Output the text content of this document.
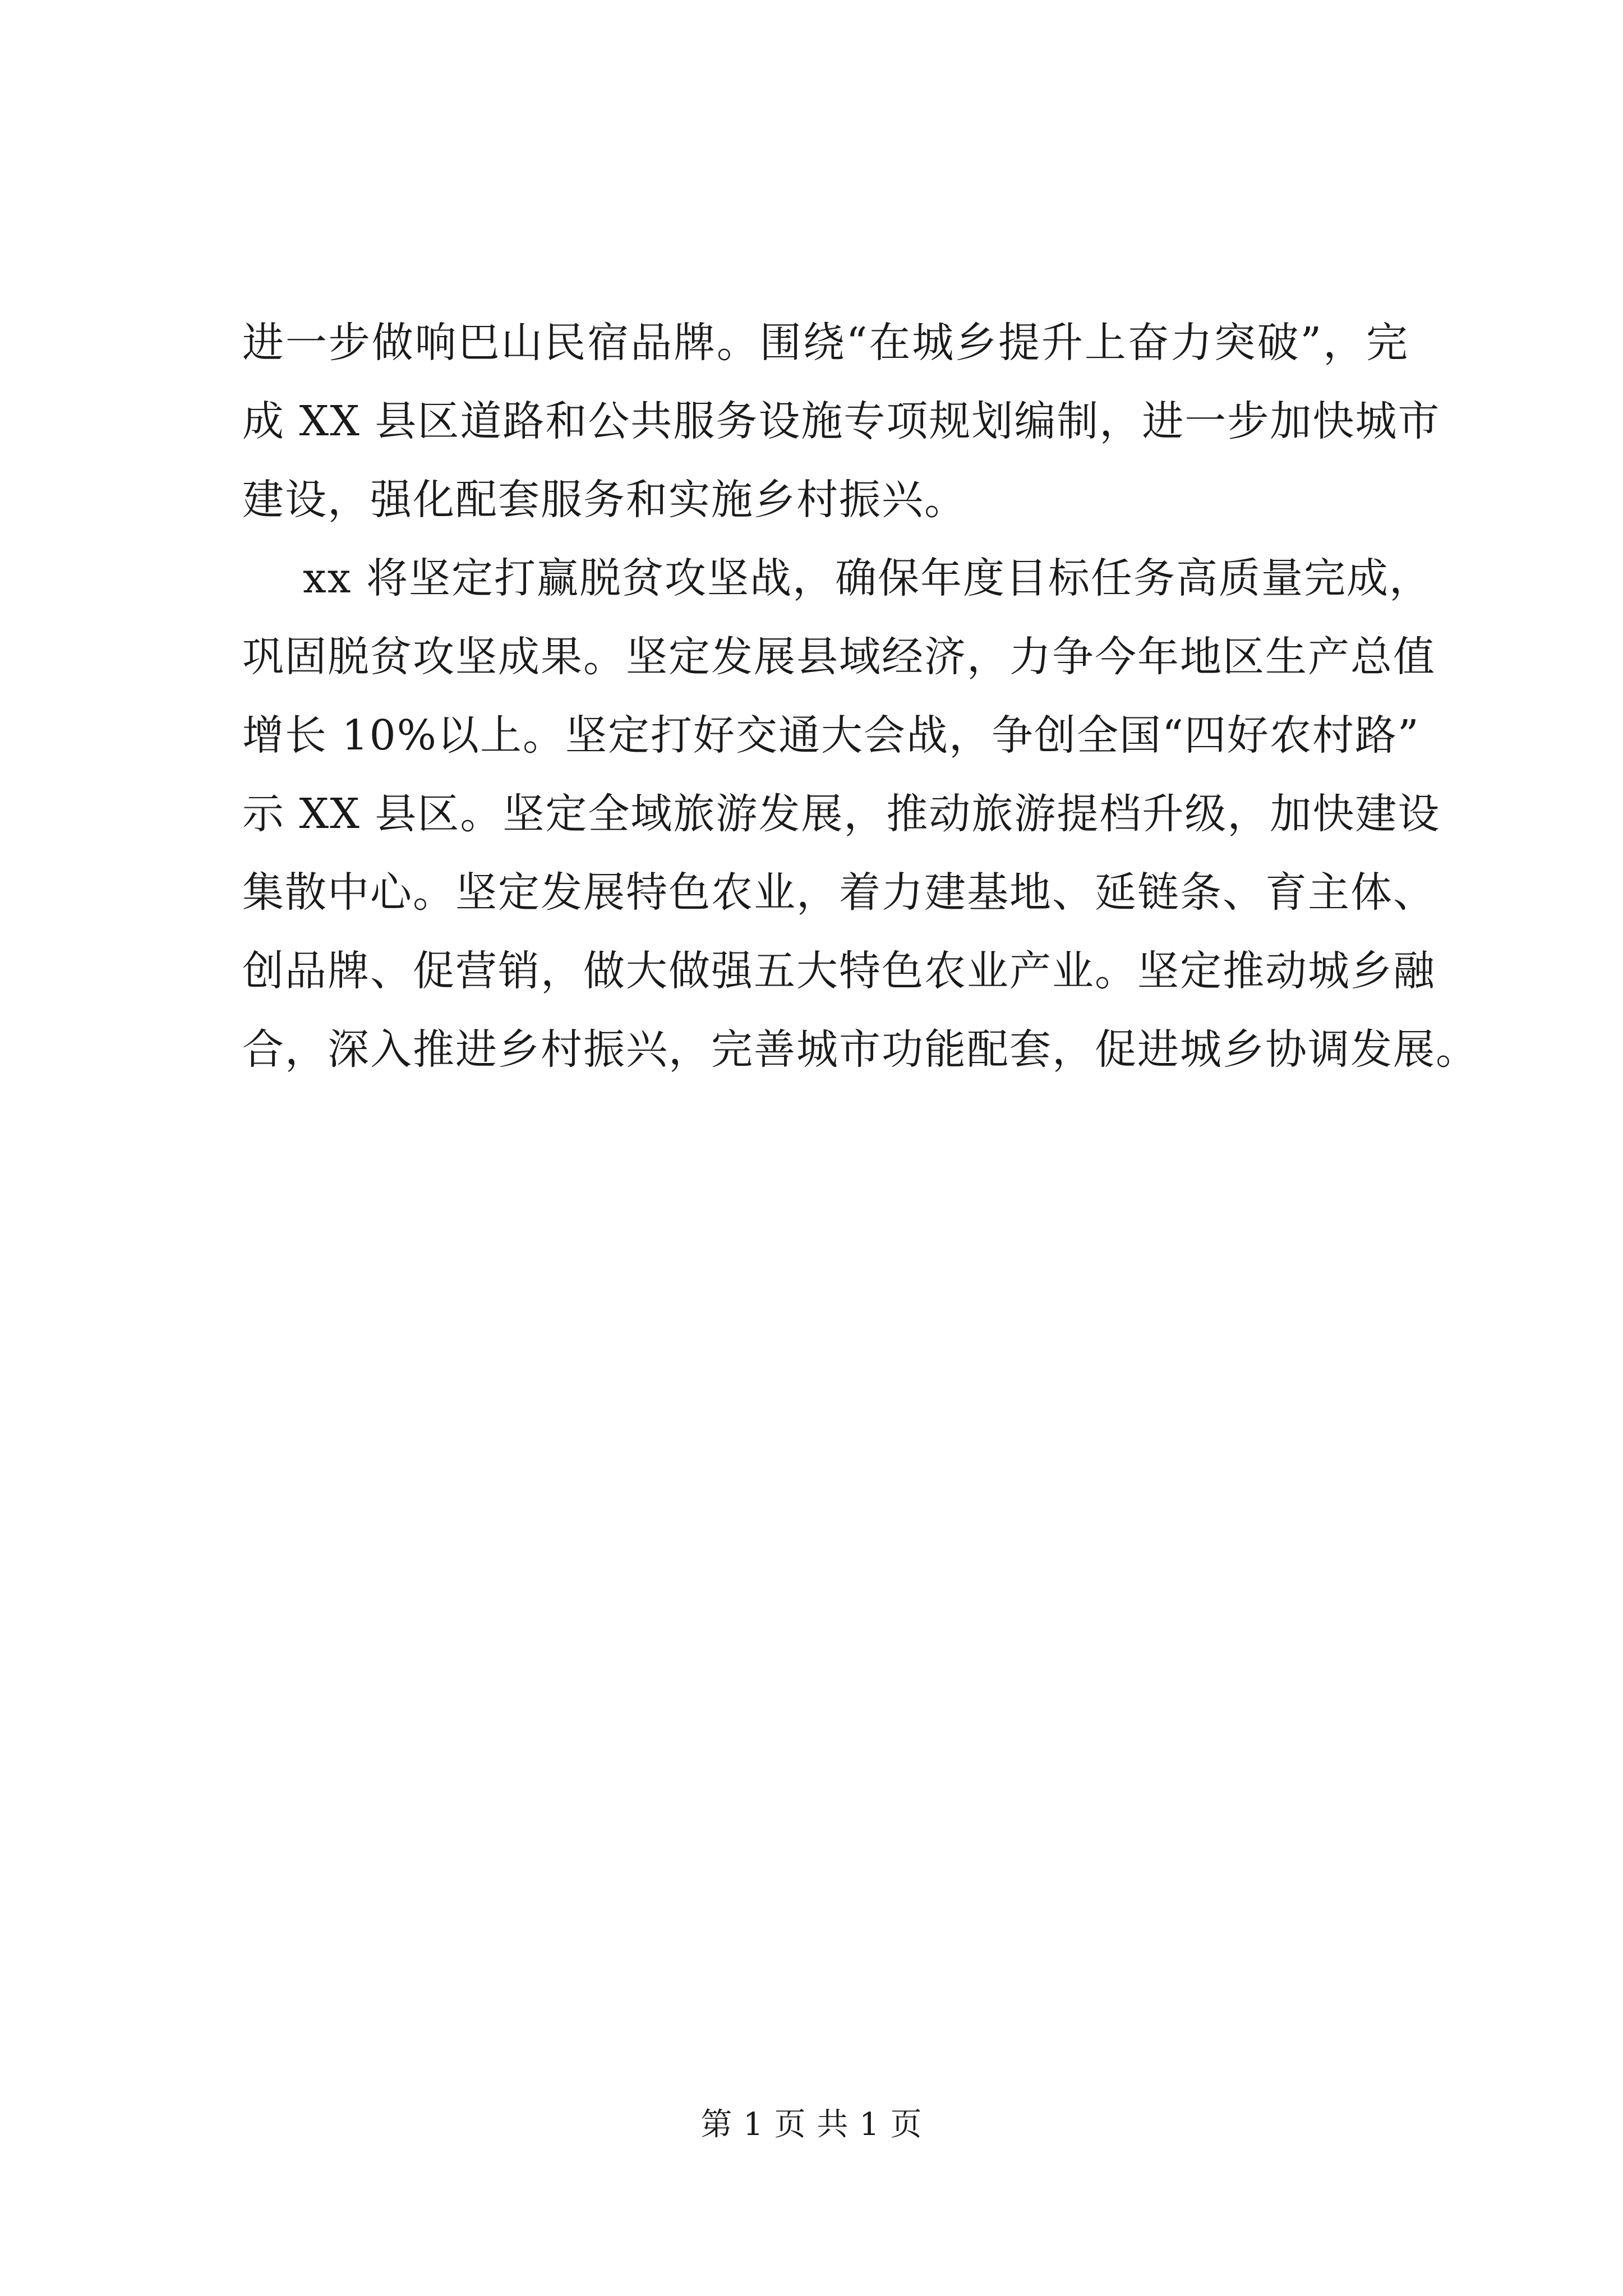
进一步做响巴山民宿品牌。围绕“在城乡提升上奋力突破”，完
成 XX 县区道路和公共服务设施专项规划编制，进一步加快城市
建设，强化配套服务和实施乡村振兴。
xx 将坚定打赢脱贫攻坚战，确保年度目标任务高质量完成，
巩固脱贫攻坚成果。坚定发展县域经济，力争今年地区生产总值
增长 10%以上。坚定打好交通大会战，争创全国“四好农村路”
示 XX 县区。坚定全域旅游发展，推动旅游提档升级，加快建设
集散中心。坚定发展特色农业，着力建基地、延链条、育主体、
创品牌、促营销，做大做强五大特色农业产业。坚定推动城乡融
合，深入推进乡村振兴，完善城市功能配套，促进城乡协调发展。
第 1 页 共 1 页
